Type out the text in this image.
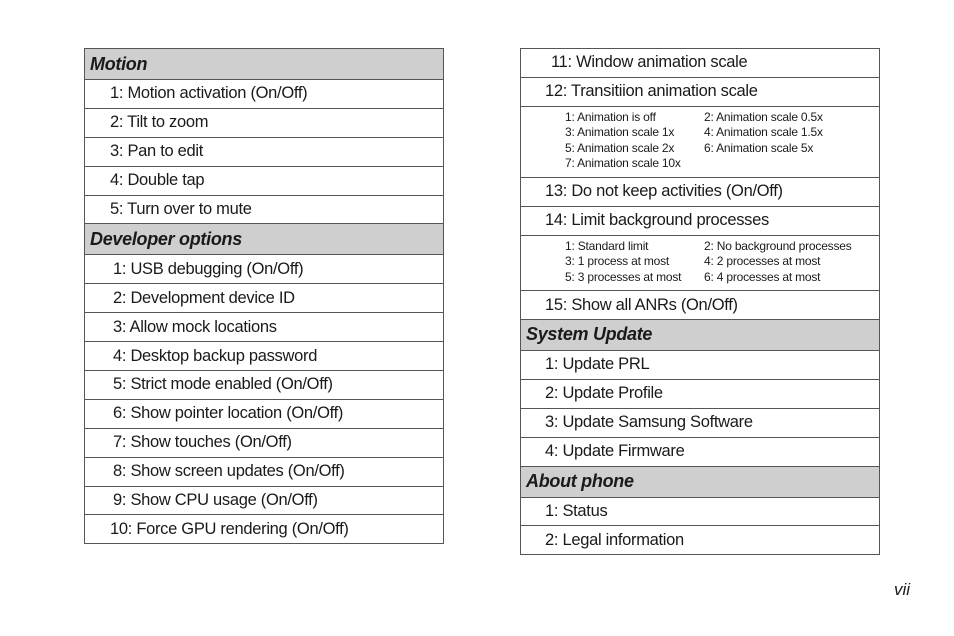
Motion
1: Motion activation (On/Off)
2: Tilt to zoom
3: Pan to edit
4: Double tap
5: Turn over to mute
Developer options
1: USB debugging (On/Off)
2: Development device ID
3: Allow mock locations
4: Desktop backup password
5: Strict mode enabled (On/Off)
6: Show pointer location (On/Off)
7: Show touches (On/Off)
8: Show screen updates (On/Off)
9: Show CPU usage (On/Off)
10: Force GPU rendering (On/Off)
11: Window animation scale
12: Transitiion animation scale
1: Animation is off	2: Animation scale 0.5x
3: Animation scale 1x	4: Animation scale 1.5x
5: Animation scale 2x	6: Animation scale 5x
7: Animation scale 10x
13: Do not keep activities (On/Off)
14: Limit background processes
1: Standard limit	2: No background processes
3: 1 process at most	4: 2 processes at most
5: 3 processes at most	6: 4 processes at most
15: Show all ANRs (On/Off)
System Update
1: Update PRL
2: Update Profile
3: Update Samsung Software
4: Update Firmware
About phone
1: Status
2: Legal information
vii
